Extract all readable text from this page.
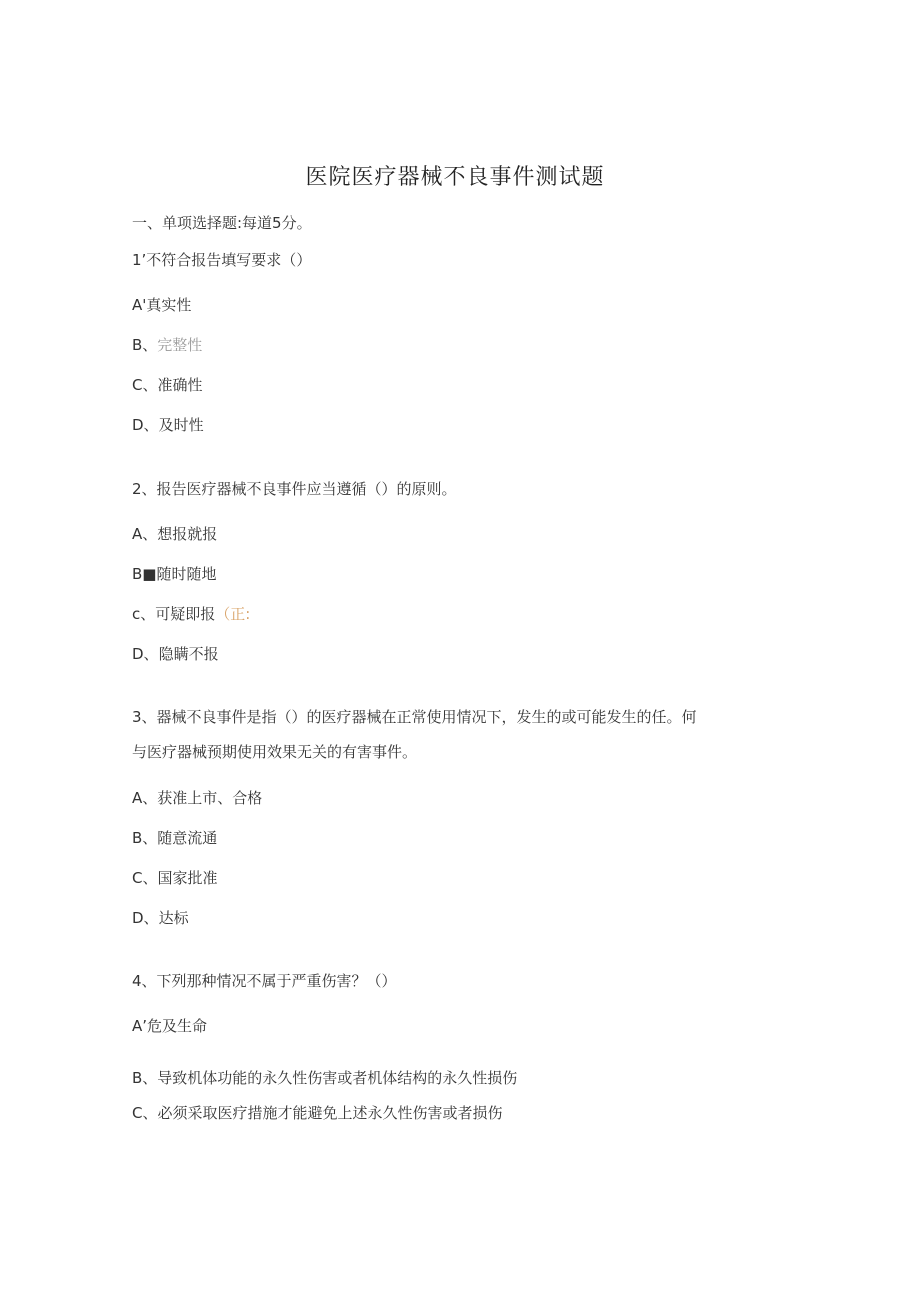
医院医疗器械不良事件测试题
一、单项选择题:每道5分。
1’不符合报告填写要求（）
A'真实性
B、完整性
C、准确性
D、及时性
2、报告医疗器械不良事件应当遵循（）的原则。
A、想报就报
B■随时随地
c、可疑即报（正:
D、隐瞒不报
3、器械不良事件是指（）的医疗器械在正常使用情况下，发生的或可能发生的任。何
与医疗器械预期使用效果无关的有害事件。
A、获准上市、合格
B、随意流通
C、国家批准
D、达标
4、下列那种情况不属于严重伤害？（）
A’危及生命
B、导致机体功能的永久性伤害或者机体结构的永久性损伤
C、必须采取医疗措施才能避免上述永久性伤害或者损伤
